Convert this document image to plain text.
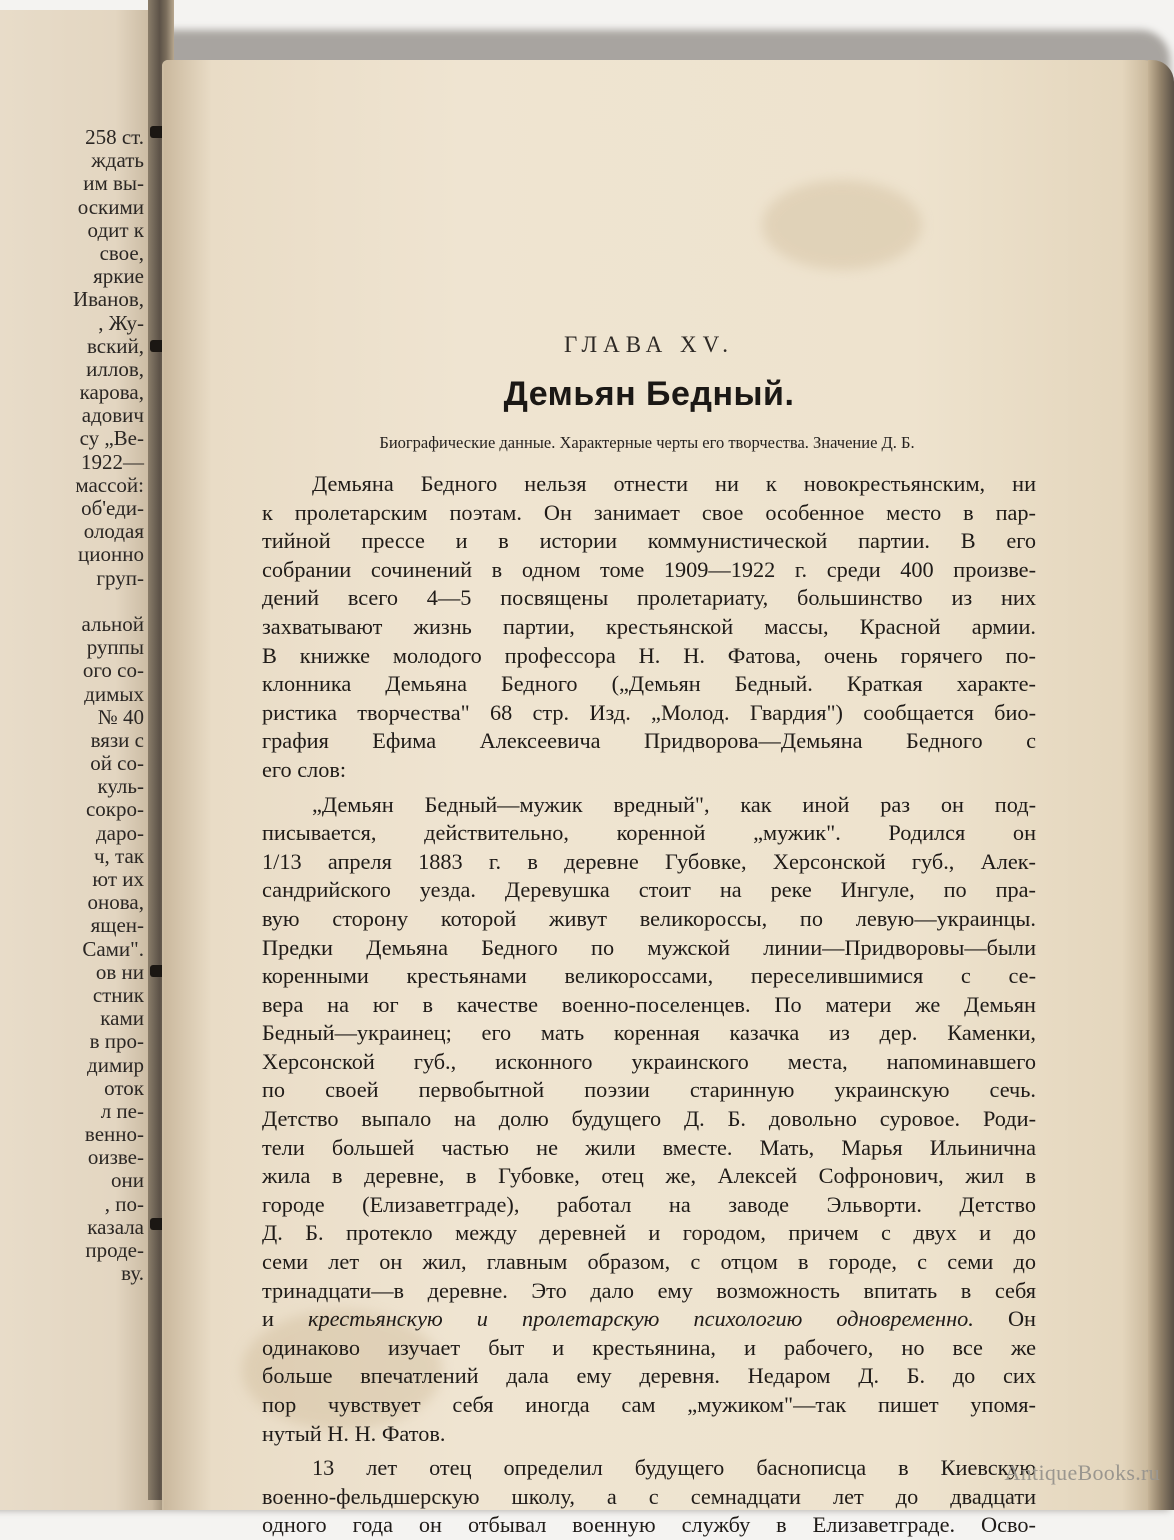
258 ст.
ждать
им вы-
оскими
одит к
свое,
яркие
Иванов,
, Жу-
вский,
иллов,
карова,
адович
су „Ве-
1922—
массой:
об'еди-
олодая
ционно
груп-
альной
руппы
ого со-
димых
№ 40
вязи с
ой со-
куль-
сокро-
даро-
ч, так
ют их
онова,
ящен-
Сами".
ов ни
стник
ками
в про-
димир
оток
л пе-
венно-
оизве-
они
, по-
казала
проде-
ву.
ГЛАВА XV.
Демьян Бедный.
Биографические данные. Характерные черты его творчества. Значение Д. Б.
Демьяна Бедного нельзя отнести ни к новокрестьянским, ни
к пролетарским поэтам. Он занимает свое особенное место в пар-
тийной прессе и в истории коммунистической партии. В его
собрании сочинений в одном томе 1909—1922 г. среди 400 произве-
дений всего 4—5 посвящены пролетариату, большинство из них
захватывают жизнь партии, крестьянской массы, Красной армии.
В книжке молодого профессора Н. Н. Фатова, очень горячего по-
клонника Демьяна Бедного („Демьян Бедный. Краткая характе-
ристика творчества" 68 стр. Изд. „Молод. Гвардия") сообщается био-
графия Ефима Алексеевича Придворова—Демьяна Бедного с
его слов:
„Демьян Бедный—мужик вредный", как иной раз он под-
писывается, действительно, коренной „мужик". Родился он
1/13 апреля 1883 г. в деревне Губовке, Херсонской губ., Алек-
сандрийского уезда. Деревушка стоит на реке Ингуле, по пра-
вую сторону которой живут великороссы, по левую—украинцы.
Предки Демьяна Бедного по мужской линии—Придворовы—были
коренными крестьянами великороссами, переселившимися с се-
вера на юг в качестве военно-поселенцев. По матери же Демьян
Бедный—украинец; его мать коренная казачка из дер. Каменки,
Херсонской губ., исконного украинского места, напоминавшего
по своей первобытной поэзии старинную украинскую сечь.
Детство выпало на долю будущего Д. Б. довольно суровое. Роди-
тели большей частью не жили вместе. Мать, Марья Ильинична
жила в деревне, в Губовке, отец же, Алексей Софронович, жил в
городе (Елизаветграде), работал на заводе Эльворти. Детство
Д. Б. протекло между деревней и городом, причем с двух и до
семи лет он жил, главным образом, с отцом в городе, с семи до
тринадцати—в деревне. Это дало ему возможность впитать в себя
и крестьянскую и пролетарскую психологию одновременно. Он
одинаково изучает быт и крестьянина, и рабочего, но все же
больше впечатлений дала ему деревня. Недаром Д. Б. до сих
пор чувствует себя иногда сам „мужиком"—так пишет упомя-
нутый Н. Н. Фатов.
13 лет отец определил будущего баснописца в Киевскую
военно-фельдшерскую школу, а с семнадцати лет до двадцати
одного года он отбывал военную службу в Елизаветграде. Осво-
AntiqueBooks.ru
